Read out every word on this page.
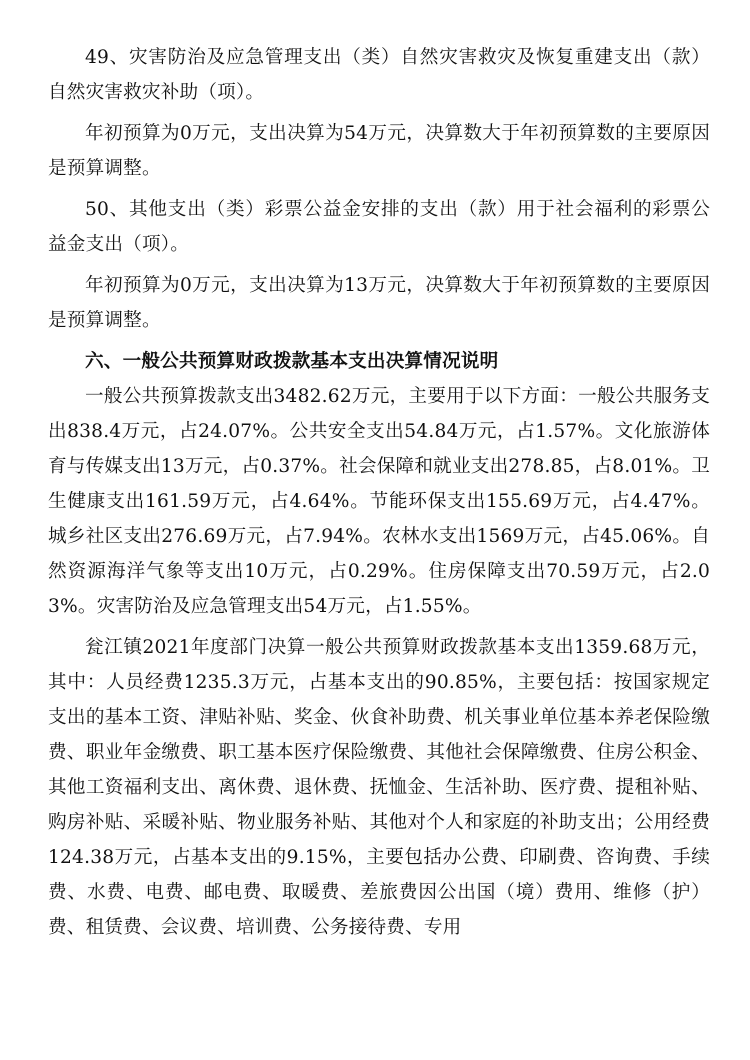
49、灾害防治及应急管理支出（类）自然灾害救灾及恢复重建支出（款）自然灾害救灾补助（项）。

年初预算为0万元，支出决算为54万元，决算数大于年初预算数的主要原因是预算调整。

50、其他支出（类）彩票公益金安排的支出（款）用于社会福利的彩票公益金支出（项）。

年初预算为0万元，支出决算为13万元，决算数大于年初预算数的主要原因是预算调整。

六、一般公共预算财政拨款基本支出决算情况说明

一般公共预算拨款支出3482.62万元，主要用于以下方面：一般公共服务支出838.4万元，占24.07%。公共安全支出54.84万元，占1.57%。文化旅游体育与传媒支出13万元，占0.37%。社会保障和就业支出278.85，占8.01%。卫生健康支出161.59万元，占4.64%。节能环保支出155.69万元，占4.47%。城乡社区支出276.69万元，占7.94%。农林水支出1569万元，占45.06%。自然资源海洋气象等支出10万元，占0.29%。住房保障支出70.59万元，占2.03%。灾害防治及应急管理支出54万元，占1.55%。

瓮江镇2021年度部门决算一般公共预算财政拨款基本支出1359.68万元，其中：人员经费1235.3万元，占基本支出的90.85%，主要包括：按国家规定支出的基本工资、津贴补贴、奖金、伙食补助费、机关事业单位基本养老保险缴费、职业年金缴费、职工基本医疗保险缴费、其他社会保障缴费、住房公积金、其他工资福利支出、离休费、退休费、抚恤金、生活补助、医疗费、提租补贴、购房补贴、采暖补贴、物业服务补贴、其他对个人和家庭的补助支出；公用经费124.38万元，占基本支出的9.15%，主要包括办公费、印刷费、咨询费、手续费、水费、电费、邮电费、取暖费、差旅费因公出国（境）费用、维修（护）费、租赁费、会议费、培训费、公务接待费、专用
